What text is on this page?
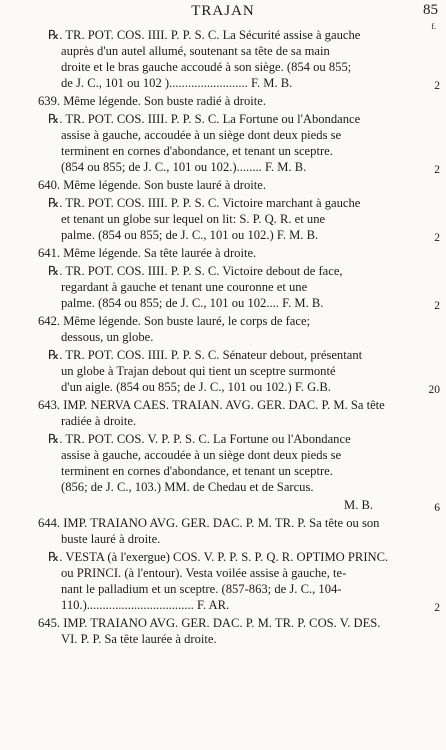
TRAJAN	85
f.
℞. TR. POT. COS. IIII. P. P. S. C. La Sécurité assise à gauche
auprès d'un autel allumé, soutenant sa tête de sa main
droite et le bras gauche accoudé à son siège. (854 ou 855;
de J. C., 101 ou 102 )......................... F. M. B.
639. Même légende. Son buste radié à droite.
℞. TR. POT. COS. IIII. P. P. S. C. La Fortune ou l'Abondance
assise à gauche, accoudée à un siège dont deux pieds se
terminent en cornes d'abondance, et tenant un sceptre.
(854 ou 855; de J. C., 101 ou 102.)........ F. M. B.
640. Même légende. Son buste lauré à droite.
℞. TR. POT. COS. IIII. P. P. S. C. Victoire marchant à gauche
et tenant un globe sur lequel on lit: S. P. Q. R. et une
palme. (854 ou 855; de J. C., 101 ou 102.) F. M. B.
641. Même légende. Sa tête laurée à droite.
℞. TR. POT. COS. IIII. P. P. S. C. Victoire debout de face,
regardant à gauche et tenant une couronne et une
palme. (854 ou 855; de J. C., 101 ou 102.... F. M. B.
642. Même légende. Son buste lauré, le corps de face;
dessous, un globe.
℞. TR. POT. COS. IIII. P. P. S. C. Sénateur debout, présentant
un globe à Trajan debout qui tient un sceptre surmonté
d'un aigle. (854 ou 855; de J. C., 101 ou 102.) F. G.B.
643. IMP. NERVA CAES. TRAIAN. AVG. GER. DAC. P. M. Sa tête
radiée à droite.
℞. TR. POT. COS. V. P. P. S. C. La Fortune ou l'Abondance
assise à gauche, accoudée à un siège dont deux pieds se
terminent en cornes d'abondance, et tenant un sceptre.
(856; de J. C., 103.) MM. de Chedau et de Sarcus.
M. B.
644. IMP. TRAIANO AVG. GER. DAC. P. M. TR. P. Sa tête ou son
buste lauré à droite.
℞. VESTA (à l'exergue) COS. V. P. P. S. P. Q. R. OPTIMO PRINC.
ou PRINCI. (à l'entour). Vesta voilée assise à gauche, te-
nant le palladium et un sceptre. (857-863; de J. C., 104-
110.).................................. F. AR.
645. IMP. TRAIANO AVG. GER. DAC. P. M. TR. P. COS. V. DES.
VI. P. P. Sa tête laurée à droite.
2
2
2
2
20
6
2
